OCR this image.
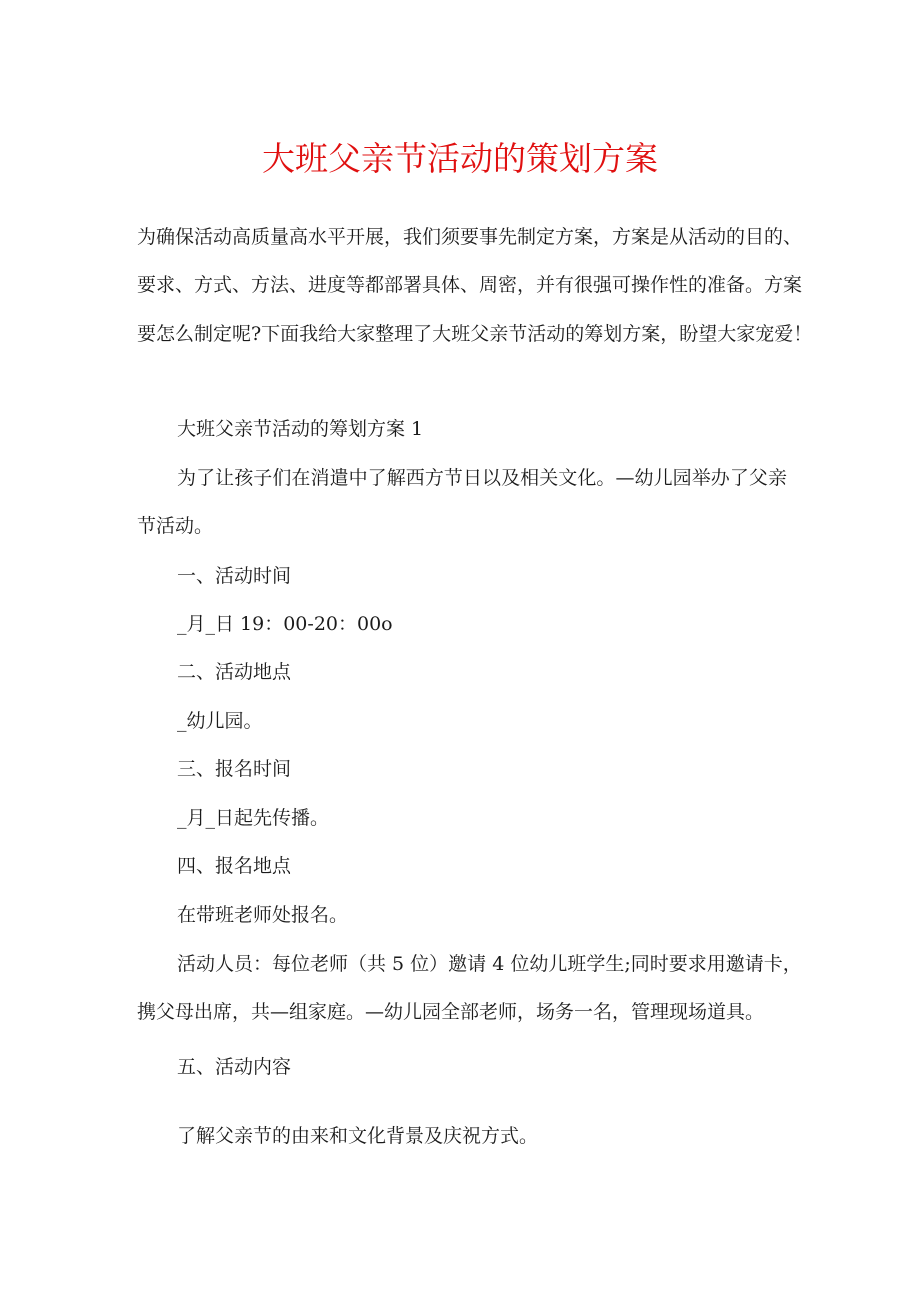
大班父亲节活动的策划方案
为确保活动高质量高水平开展，我们须要事先制定方案，方案是从活动的目的、
要求、方式、方法、进度等都部署具体、周密，并有很强可操作性的准备。方案
要怎么制定呢?下面我给大家整理了大班父亲节活动的筹划方案，盼望大家宠爱！
大班父亲节活动的筹划方案 1
为了让孩子们在消遣中了解西方节日以及相关文化。—幼儿园举办了父亲
节活动。
一、活动时间
_月_日 19：00-20：00o
二、活动地点
_幼儿园。
三、报名时间
_月_日起先传播。
四、报名地点
在带班老师处报名。
活动人员：每位老师（共 5 位）邀请 4 位幼儿班学生;同时要求用邀请卡，
携父母出席，共—组家庭。—幼儿园全部老师，场务一名，管理现场道具。
五、活动内容
了解父亲节的由来和文化背景及庆祝方式。
